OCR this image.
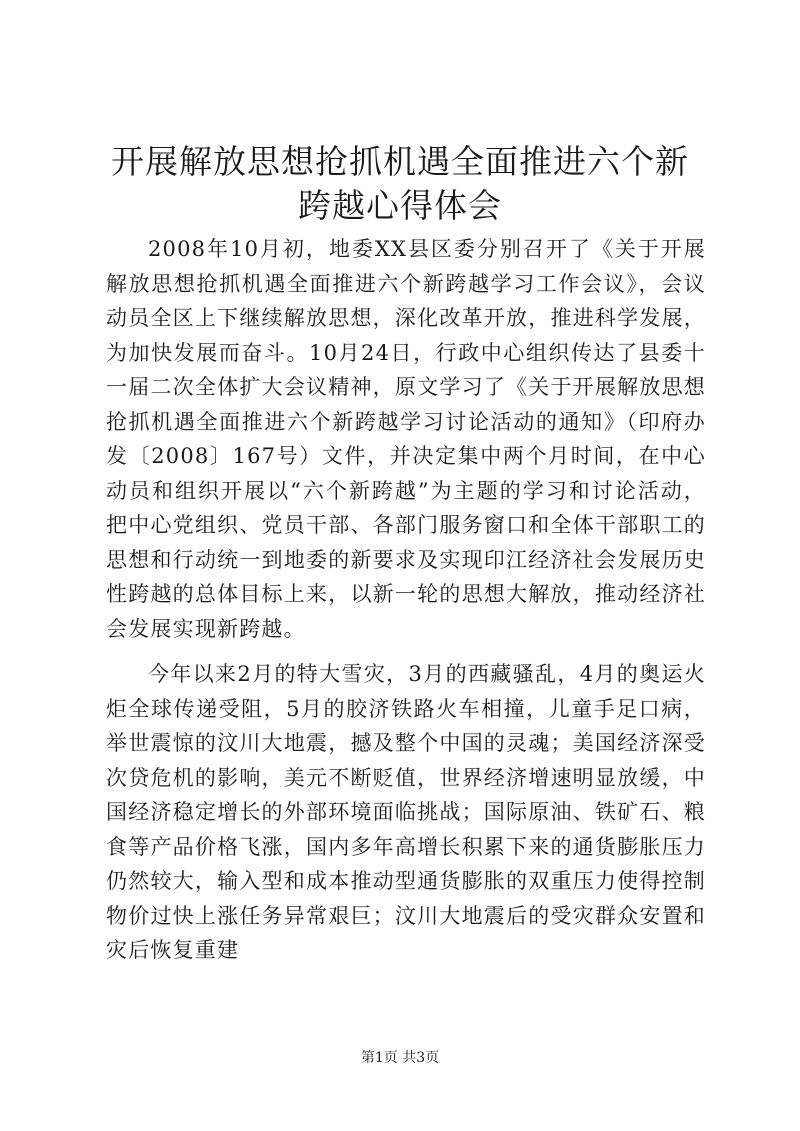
开展解放思想抢抓机遇全面推进六个新跨越心得体会

2008年10月初，地委XX县区委分别召开了《关于开展解放思想抢抓机遇全面推进六个新跨越学习工作会议》，会议动员全区上下继续解放思想，深化改革开放，推进科学发展，为加快发展而奋斗。10月24日，行政中心组织传达了县委十一届二次全体扩大会议精神，原文学习了《关于开展解放思想抢抓机遇全面推进六个新跨越学习讨论活动的通知》（印府办发〔2008〕167号）文件，并决定集中两个月时间，在中心动员和组织开展以“六个新跨越”为主题的学习和讨论活动，把中心党组织、党员干部、各部门服务窗口和全体干部职工的思想和行动统一到地委的新要求及实现印江经济社会发展历史性跨越的总体目标上来，以新一轮的思想大解放，推动经济社会发展实现新跨越。

今年以来2月的特大雪灾，3月的西藏骚乱，4月的奥运火炬全球传递受阻，5月的胶济铁路火车相撞，儿童手足口病，举世震惊的汶川大地震，撼及整个中国的灵魂；美国经济深受次贷危机的影响，美元不断贬值，世界经济增速明显放缓，中国经济稳定增长的外部环境面临挑战；国际原油、铁矿石、粮食等产品价格飞涨，国内多年高增长积累下来的通货膨胀压力仍然较大，输入型和成本推动型通货膨胀的双重压力使得控制物价过快上涨任务异常艰巨；汶川大地震后的受灾群众安置和灾后恢复重建

第1页 共3页
